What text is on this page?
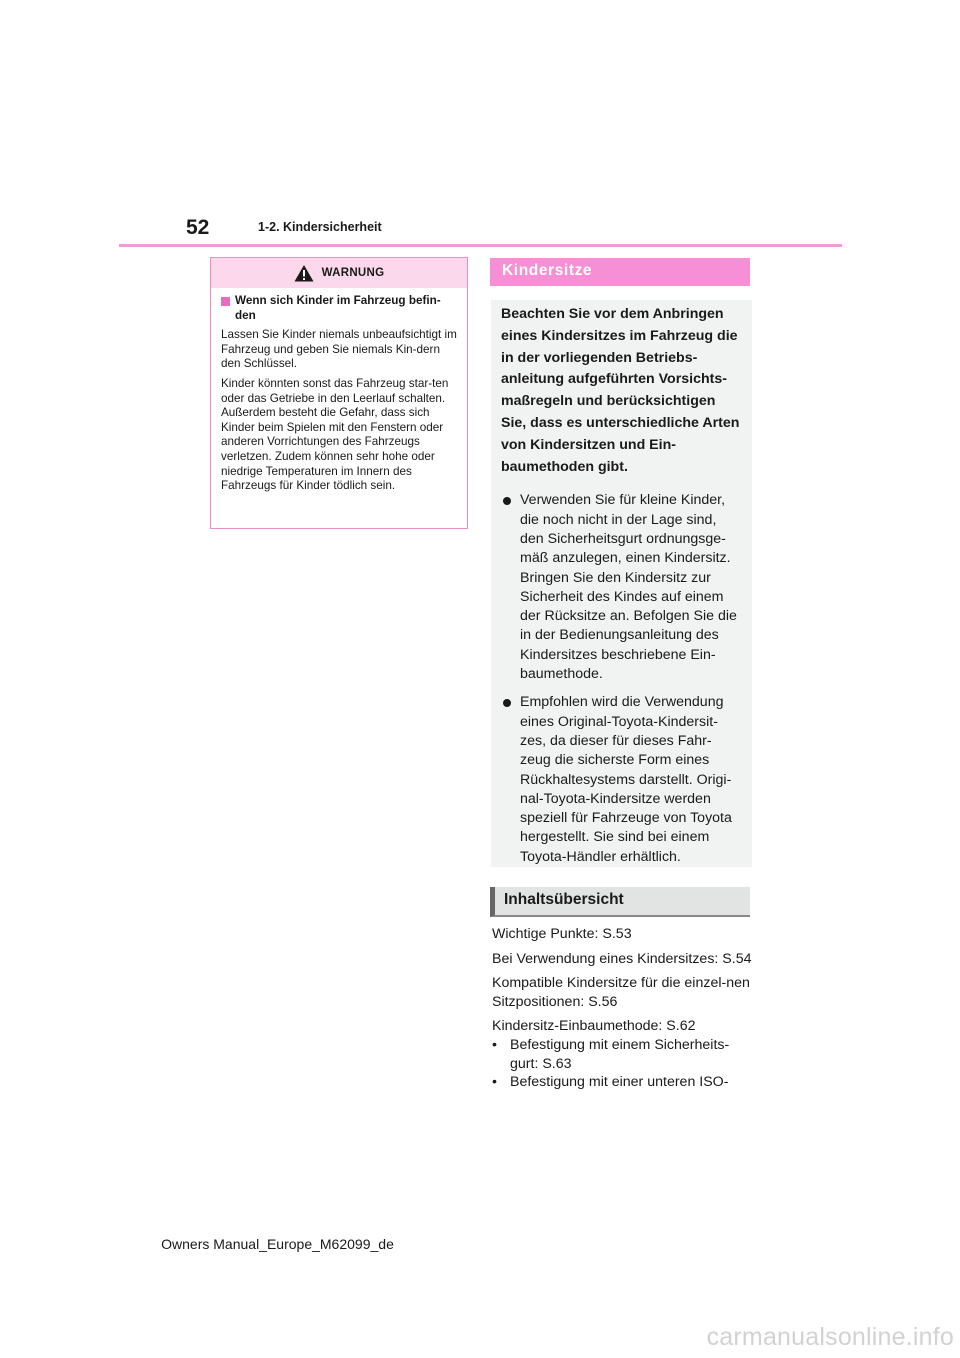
52	1-2. Kindersicherheit
WARNUNG
Wenn sich Kinder im Fahrzeug befin-den

Lassen Sie Kinder niemals unbeaufsichtigt im Fahrzeug und geben Sie niemals Kin-dern den Schlüssel.

Kinder könnten sonst das Fahrzeug star-ten oder das Getriebe in den Leerlauf schalten. Außerdem besteht die Gefahr, dass sich Kinder beim Spielen mit den Fenstern oder anderen Vorrichtungen des Fahrzeugs verletzen. Zudem können sehr hohe oder niedrige Temperaturen im Innern des Fahrzeugs für Kinder tödlich sein.

Kindersitze

Beachten Sie vor dem Anbringen eines Kindersitzes im Fahrzeug die in der vorliegenden Betriebs-anleitung aufgeführten Vorsichts-maßregeln und berücksichtigen Sie, dass es unterschiedliche Arten von Kindersitzen und Ein-baumethoden gibt.

Verwenden Sie für kleine Kinder, die noch nicht in der Lage sind, den Sicherheitsgurt ordnungsge-mäß anzulegen, einen Kindersitz. Bringen Sie den Kindersitz zur Sicherheit des Kindes auf einem der Rücksitze an. Befolgen Sie die in der Bedienungsanleitung des Kindersitzes beschriebene Ein-baumethode.
Empfohlen wird die Verwendung eines Original-Toyota-Kindersit-zes, da dieser für dieses Fahr-zeug die sicherste Form eines Rückhaltesystems darstellt. Origi-nal-Toyota-Kindersitze werden speziell für Fahrzeuge von Toyota hergestellt. Sie sind bei einem Toyota-Händler erhältlich.
Inhaltsübersicht
Wichtige Punkte: S.53
Bei Verwendung eines Kindersitzes: S.54
Kompatible Kindersitze für die einzel-nen Sitzpositionen: S.56
Kindersitz-Einbaumethode: S.62
• Befestigung mit einem Sicherheits-gurt: S.63
• Befestigung mit einer unteren ISO-
Owners Manual_Europe_M62099_de
carmanualsonline.info
